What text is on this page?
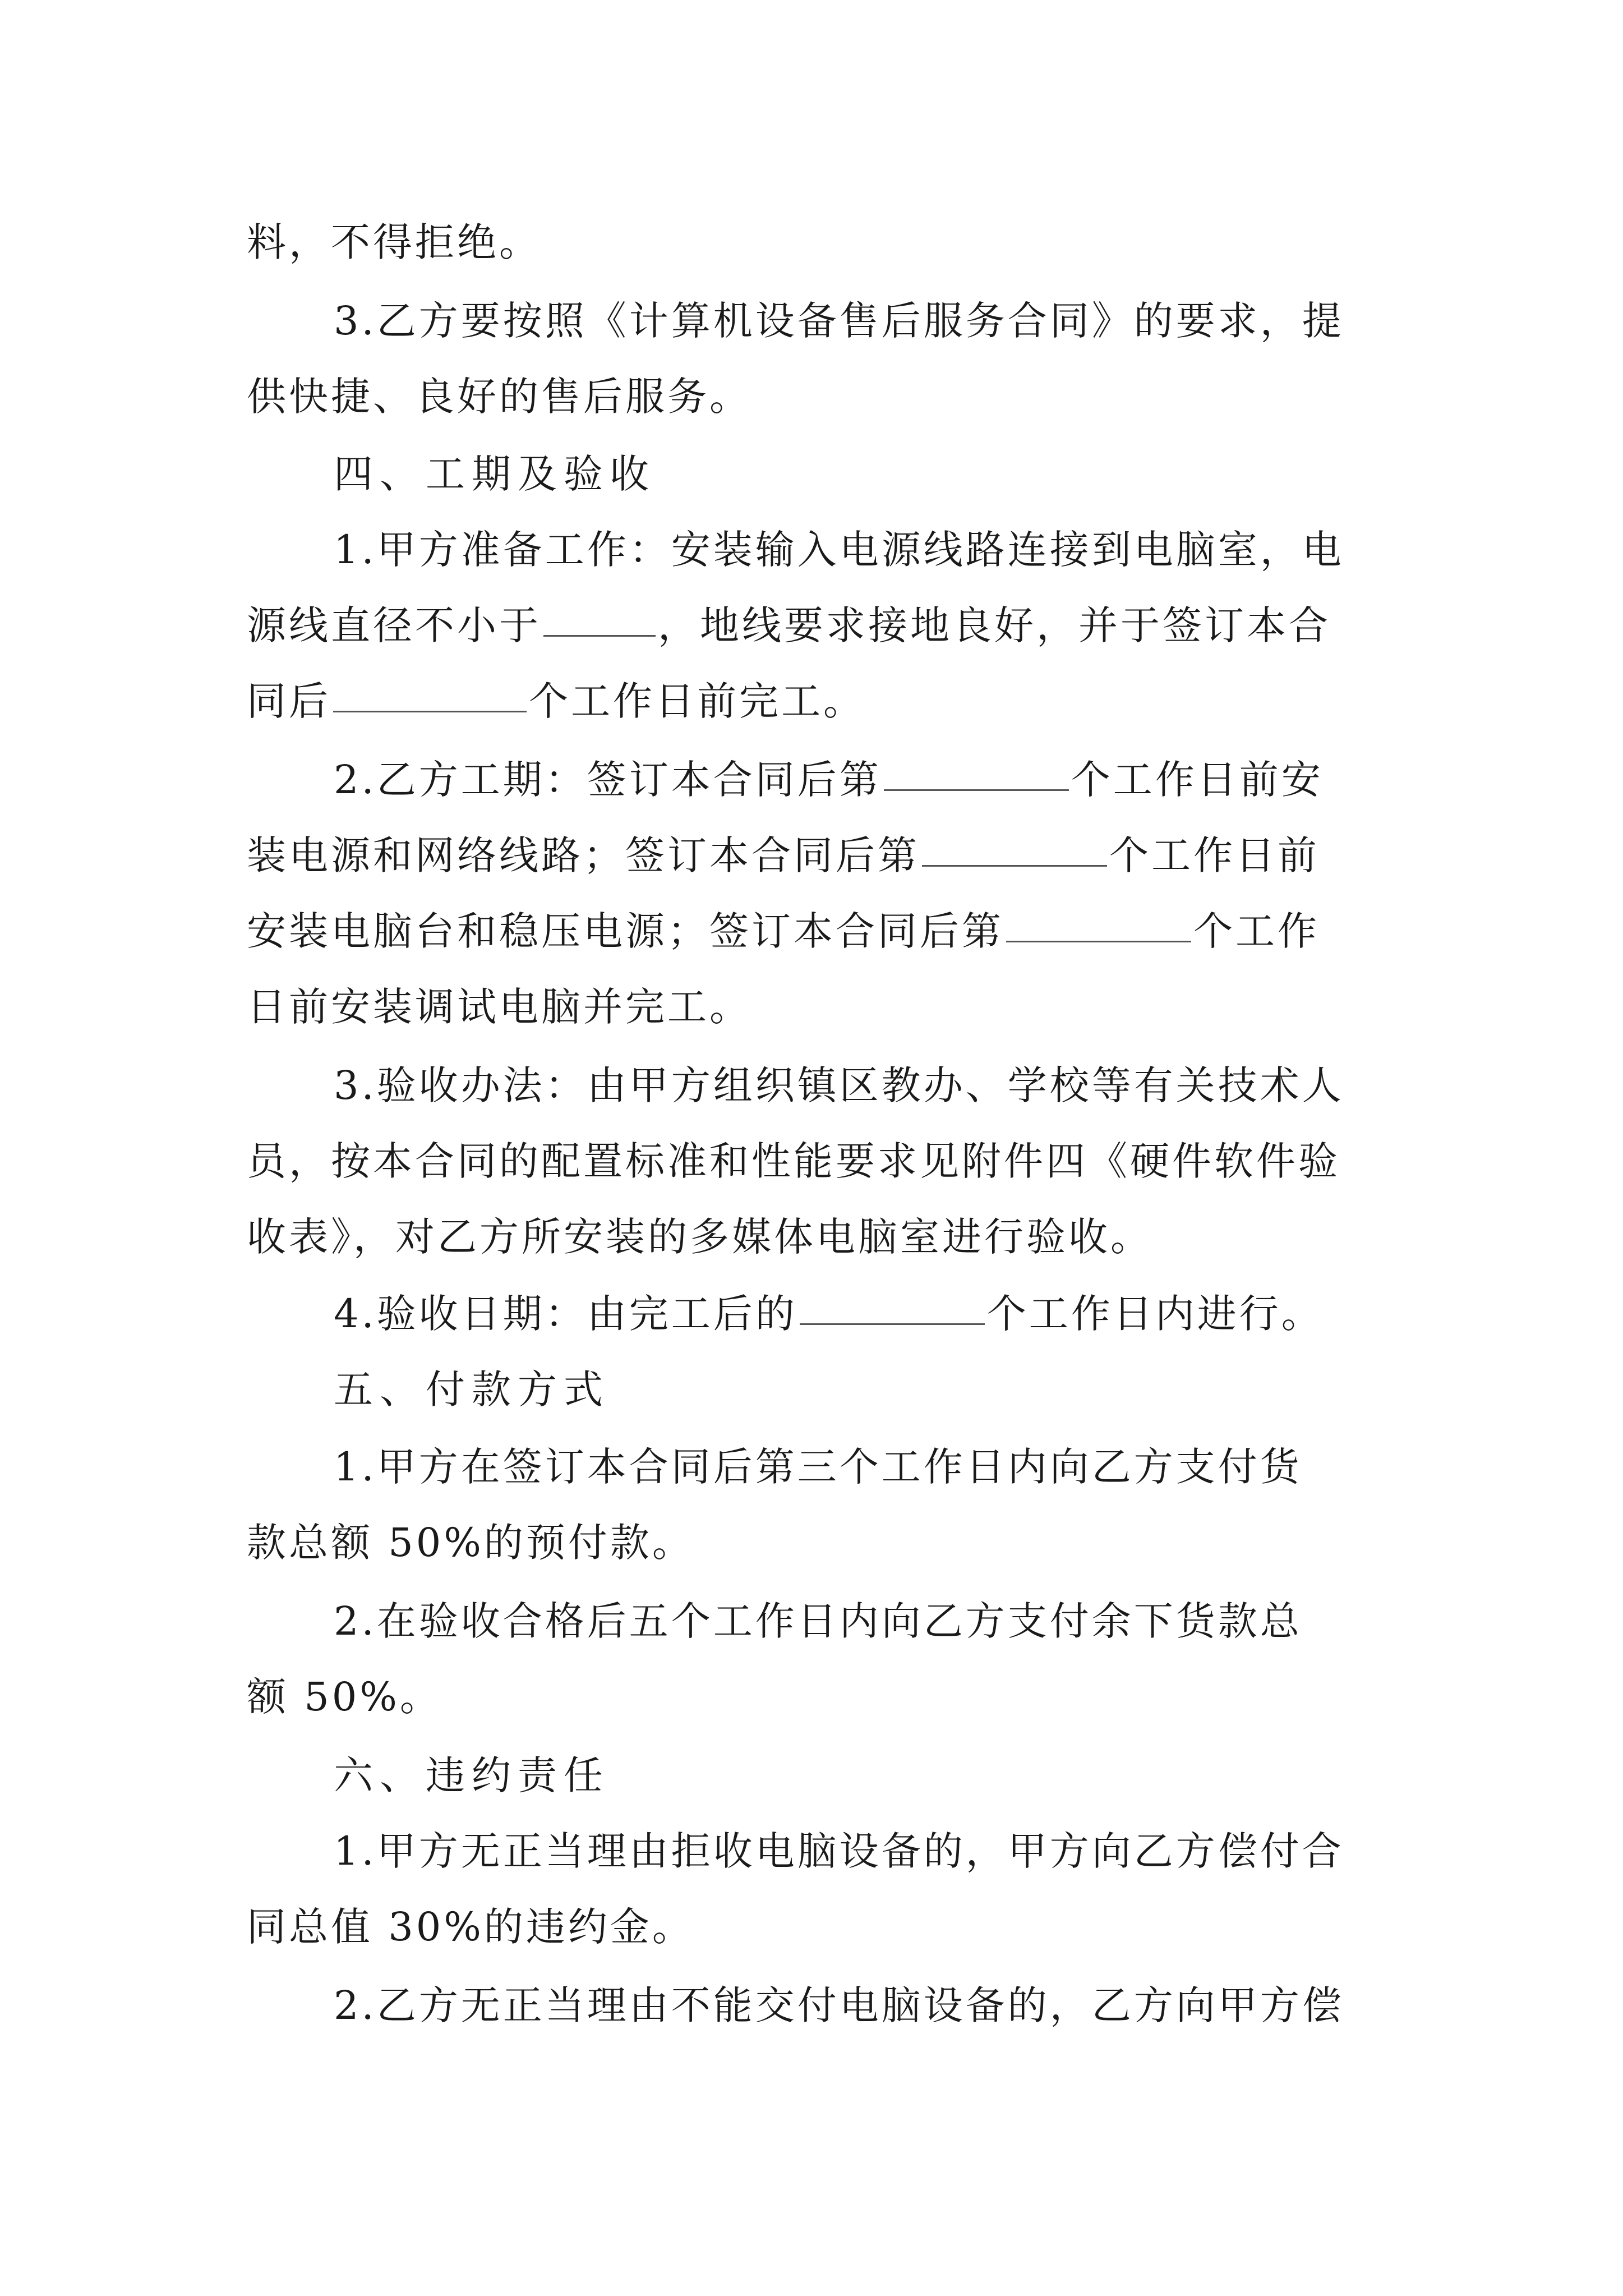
料，不得拒绝。
3.乙方要按照《计算机设备售后服务合同》的要求，提
供快捷、良好的售后服务。
四、工期及验收
1.甲方准备工作：安装输入电源线路连接到电脑室，电
源线直径不小于	，地线要求接地良好，并于签订本合
同后	个工作日前完工。
2.乙方工期：签订本合同后第	个工作日前安
装电源和网络线路；签订本合同后第	个工作日前
安装电脑台和稳压电源；签订本合同后第	个工作
日前安装调试电脑并完工。
3.验收办法：由甲方组织镇区教办、学校等有关技术人
员，按本合同的配置标准和性能要求见附件四《硬件软件验
收表》，对乙方所安装的多媒体电脑室进行验收。
4.验收日期：由完工后的	个工作日内进行。
五、付款方式
1.甲方在签订本合同后第三个工作日内向乙方支付货
款总额 50%的预付款。
2.在验收合格后五个工作日内向乙方支付余下货款总
额 50%。
六、违约责任
1.甲方无正当理由拒收电脑设备的，甲方向乙方偿付合
同总值 30%的违约金。
2.乙方无正当理由不能交付电脑设备的，乙方向甲方偿
